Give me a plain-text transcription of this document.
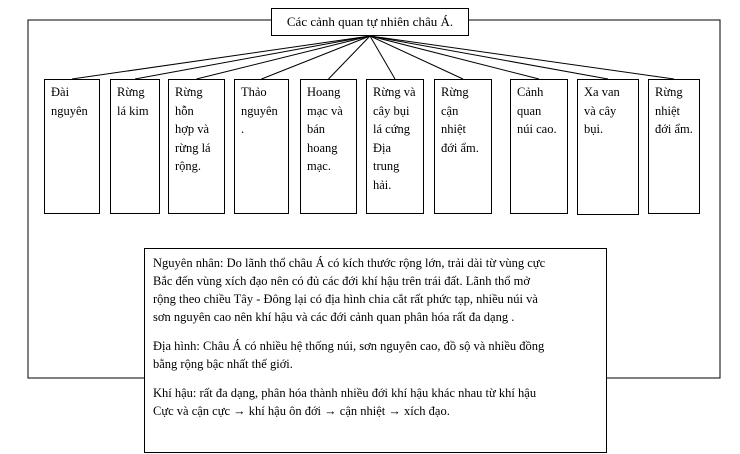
Các cảnh quan tự nhiên châu Á.
Đài
nguyên
Rừng
lá kim
Rừng
hỗn
hợp và
rừng lá
rộng.
Thảo
nguyên
.
Hoang
mạc và
bán
hoang
mạc.
Rừng và
cây bụi
lá cứng
Địa
trung
hải.
Rừng
cận
nhiệt
đới ẩm.
Cảnh
quan
núi cao.
Xa van
và cây
bụi.
Rừng
nhiệt
đới ẩm.

Nguyên nhân: Do lãnh thổ châu Á có kích thước rộng lớn, trải dài từ vùng cực
Bắc đến vùng xích đạo nên có đủ các đới khí hậu trên trái đất. Lãnh thổ mở
rộng theo chiều Tây - Đông lại có địa hình chia cắt rất phức tạp, nhiều núi và
sơn nguyên cao nên khí hậu và các đới cảnh quan phân hóa rất đa dạng .

Địa hình: Châu Á có nhiều hệ thống núi, sơn nguyên cao, đồ sộ và nhiều đồng
bằng rộng bậc nhất thế giới.

Khí hậu: rất đa dạng, phân hóa thành nhiều đới khí hậu khác nhau từ khí hậu
Cực và cận cực → khí hậu ôn đới → cận nhiệt → xích đạo.
